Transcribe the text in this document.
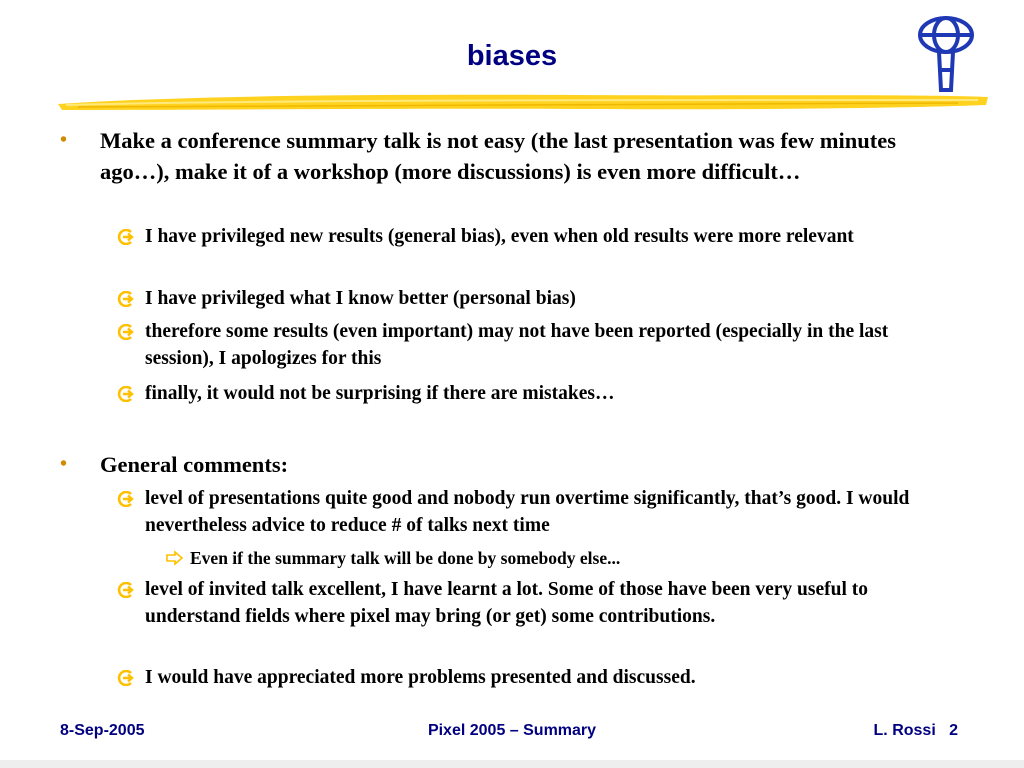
biases
• Make a conference summary talk is not easy (the last presentation was few minutes ago…), make it of a workshop (more discussions) is even more difficult…
I have privileged new results (general bias), even when old results were more relevant
I have privileged what I know better (personal bias)
therefore some results (even important) may not have been reported (especially in the last session), I apologizes for this
finally, it would not be surprising if there are mistakes…
• General comments:
level of presentations quite good and nobody run overtime significantly, that’s good. I would nevertheless advice to reduce # of talks next time
Even if the summary talk will be done by somebody else...
level of invited talk excellent, I have learnt a lot. Some of those have been very useful to understand fields where pixel may bring (or get) some contributions.
I would have appreciated more problems presented and discussed.
8-Sep-2005	Pixel 2005 – Summary	L. Rossi   2
